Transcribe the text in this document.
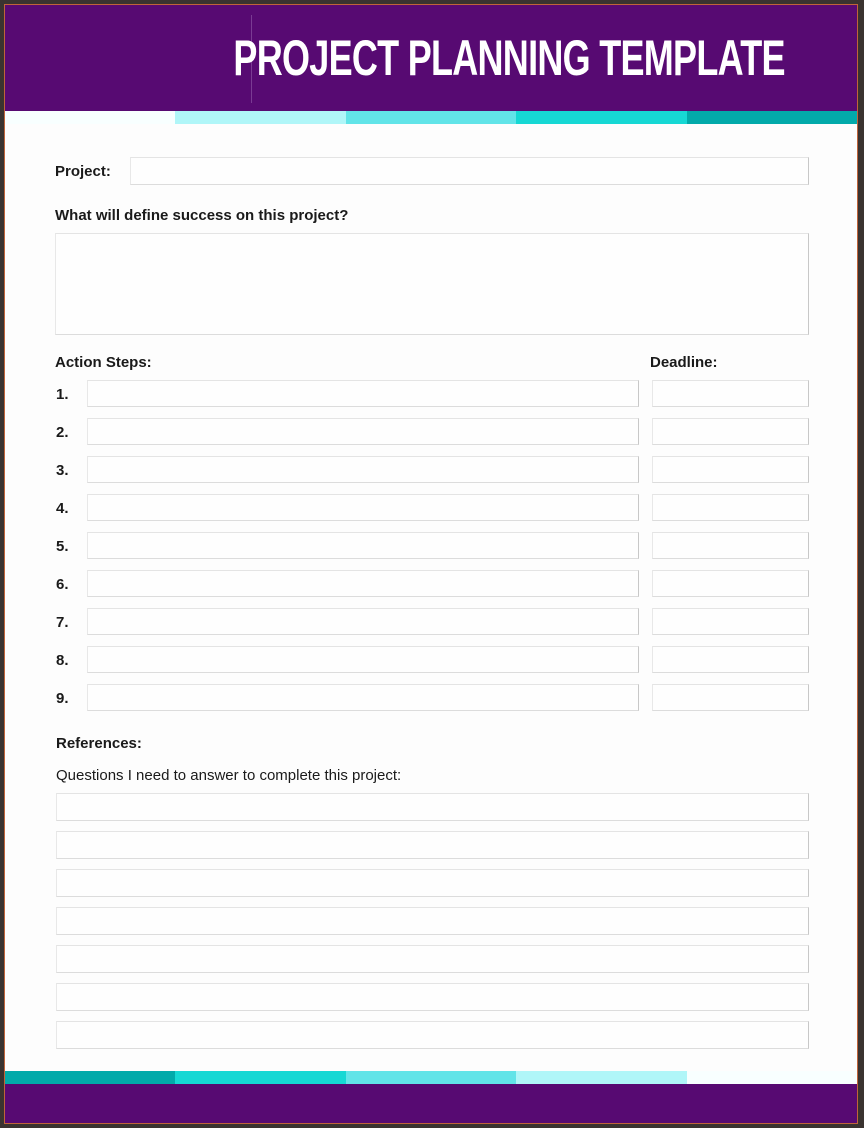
PROJECT PLANNING TEMPLATE
Project:
What will define success on this project?
Action Steps:	Deadline:
1.
2.
3.
4.
5.
6.
7.
8.
9.
References:
Questions I need to answer to complete this project:
